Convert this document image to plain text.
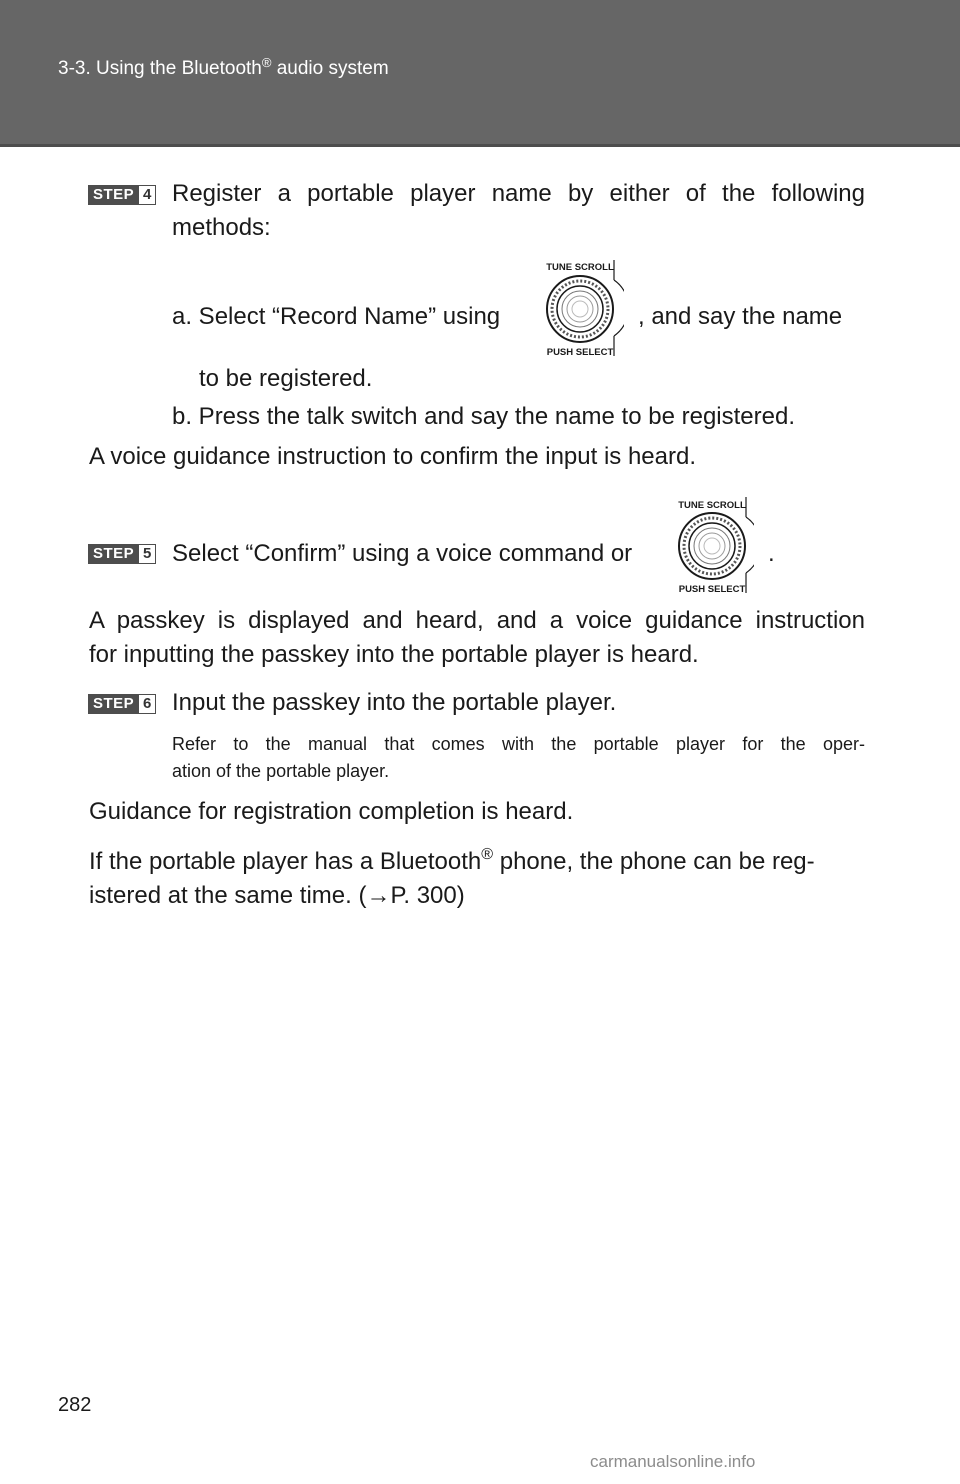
3-3. Using the Bluetooth® audio system
STEP 4 Register a portable player name by either of the following
methods:
a. Select “Record Name” using
TUNE SCROLL
PUSH SELECT
, and say the name
to be registered.
b. Press the talk switch and say the name to be registered.
A voice guidance instruction to confirm the input is heard.
STEP 5 Select “Confirm” using a voice command or
TUNE SCROLL
PUSH SELECT
.
A passkey is displayed and heard, and a voice guidance instruction
for inputting the passkey into the portable player is heard.
STEP 6 Input the passkey into the portable player.
Refer to the manual that comes with the portable player for the oper-
ation of the portable player.
Guidance for registration completion is heard.
If the portable player has a Bluetooth® phone, the phone can be reg-
istered at the same time. (→P. 300)
282
carmanualsonline.info
